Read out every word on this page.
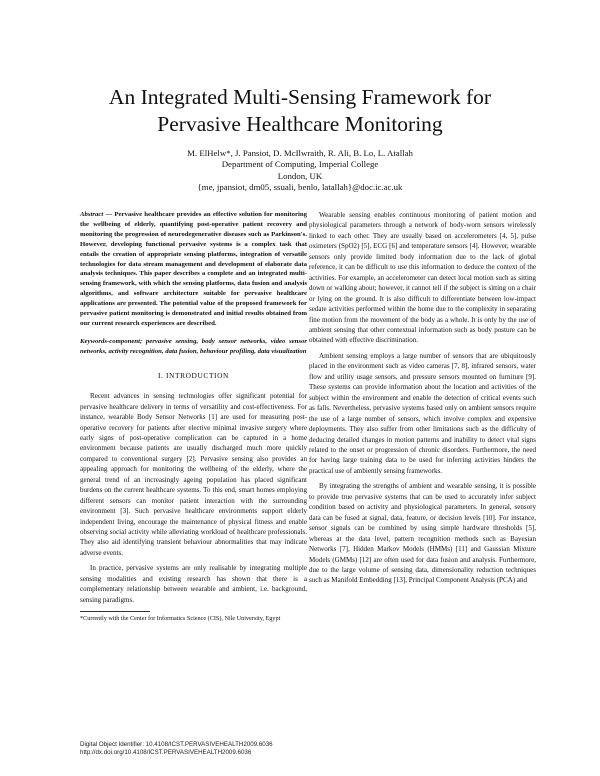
An Integrated Multi-Sensing Framework for
Pervasive Healthcare Monitoring
M. ElHelw*, J. Pansiot, D. McIlwraith, R. Ali, B. Lo, L. Atallah
Department of Computing, Imperial College
London, UK
{me, jpansiot, dm05, ssuali, benlo, latallah}@doc.ic.ac.uk

Abstract — Pervasive healthcare provides an effective solution for monitoring the wellbeing of elderly, quantifying post-operative patient recovery and monitoring the progression of neurodegenerative diseases such as Parkinson's. However, developing functional pervasive systems is a complex task that entails the creation of appropriate sensing platforms, integration of versatile technologies for data stream management and development of elaborate data analysis techniques. This paper describes a complete and an integrated multi-sensing framework, with which the sensing platforms, data fusion and analysis algorithms, and software architecture suitable for pervasive healthcare applications are presented. The potential value of the proposed framework for pervasive patient monitoring is demonstrated and initial results obtained from our current research experiences are described.

Keywords-component; pervasive sensing, body sensor networks, video sensor networks, activity recognition, data fusion, behaviour profiling, data visualization

I. INTRODUCTION

Recent advances in sensing technologies offer significant potential for pervasive healthcare delivery in terms of versatility and cost-effectiveness. For instance, wearable Body Sensor Networks [1] are used for measuring post-operative recovery for patients after elective minimal invasive surgery where early signs of post-operative complication can be captured in a home environment because patients are usually discharged much more quickly compared to conventional surgery [2]. Pervasive sensing also provides an appealing approach for monitoring the wellbeing of the elderly, where the general trend of an increasingly ageing population has placed significant burdens on the current healthcare systems. To this end, smart homes employing different sensors can monitor patient interaction with the surrounding environment [3]. Such pervasive healthcare environments support elderly independent living, encourage the maintenance of physical fitness and enable observing social activity while alleviating workload of healthcare professionals. They also aid identifying transient behaviour abnormalities that may indicate adverse events.

In practice, pervasive systems are only realisable by integrating multiple sensing modalities and existing research has shown that there is a complementary relationship between wearable and ambient, i.e. background, sensing paradigms.

*Currently with the Center for Informatics Science (CIS), Nile University, Egypt

Wearable sensing enables continuous monitoring of patient motion and physiological parameters through a network of body-worn sensors wirelessly linked to each other. They are usually based on accelerometers [4, 5], pulse oximeters (SpO2) [5], ECG [6] and temperature sensors [4]. However, wearable sensors only provide limited body information due to the lack of global reference, it can be difficult to use this information to deduce the context of the activities. For example, an accelerometer can detect local motion such as sitting down or walking about; however, it cannot tell if the subject is sitting on a chair or lying on the ground. It is also difficult to differentiate between low-impact sedate activities performed within the home due to the complexity in separating fine motion from the movement of the body as a whole. It is only by the use of ambient sensing that other contextual information such as body posture can be obtained with effective discrimination.

Ambient sensing employs a large number of sensors that are ubiquitously placed in the environment such as video cameras [7, 8], infrared sensors, water flow and utility usage sensors, and pressure sensors mounted on furniture [9]. These systems can provide information about the location and activities of the subject within the environment and enable the detection of critical events such as falls. Nevertheless, pervasive systems based only on ambient sensors require the use of a large number of sensors, which involve complex and expensive deployments. They also suffer from other limitations such as the difficulty of deducing detailed changes in motion patterns and inability to detect vital signs related to the onset or progression of chronic disorders. Furthermore, the need for having large training data to be used for inferring activities hinders the practical use of ambiently sensing frameworks.

By integrating the strengths of ambient and wearable sensing, it is possible to provide true pervasive systems that can be used to accurately infer subject condition based on activity and physiological parameters. In general, sensory data can be fused at signal, data, feature, or decision levels [10]. For instance, sensor signals can be combined by using simple hardware thresholds [5], whereas at the data level, pattern recognition methods such as Bayesian Networks [7], Hidden Markov Models (HMMs) [11] and Gaussian Mixture Models (GMMs) [12] are often used for data fusion and analysis. Furthermore, due to the large volume of sensing data, dimensionality reduction techniques such as Manifold Embedding [13], Principal Component Analysis (PCA) and

Digital Object Identifier: 10.4108/ICST.PERVASIVEHEALTH2009.6036
http://dx.doi.org/10.4108/ICST.PERVASIVEHEALTH2009.6036
